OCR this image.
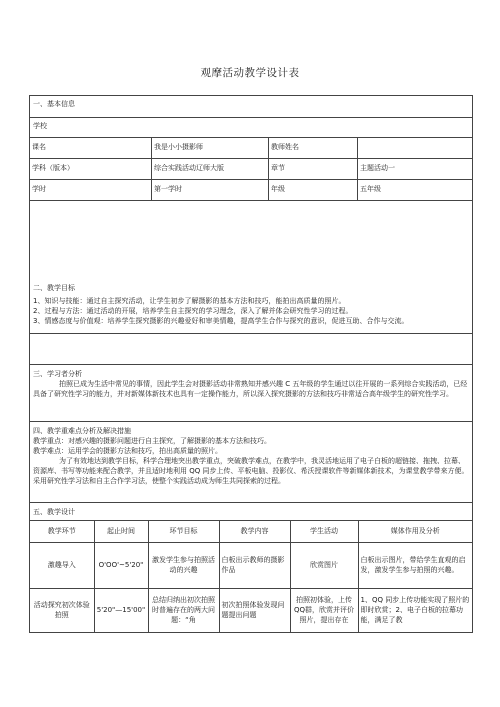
观摩活动教学设计表
一、基本信息
学校
课名	我是小小摄影师	教师姓名
学科（版本）	综合实践活动辽师大版	章节	主题活动一
学时	第一学时	年级	五年级
二、教学目标

1、知识与技能：通过自主探究活动，让学生初步了解摄影的基本方法和技巧，能拍出高质量的照片。

2、过程与方法：通过活动的开展，培养学生自主探究的学习理念，深入了解并体会研究性学习的过程。

3、情感态度与价值观：培养学生探究摄影的兴趣爱好和审美情趣，提高学生合作与探究的意识，促进互助、合作与交流。

三、学习者分析

拍照已成为生活中常见的事情，因此学生会对摄影活动非常熟知并感兴趣 C 五年级的学生通过以往开展的一系列综合实践活动，已经具备了研究性学习的能力，并对新媒体新技术也具有一定操作能力，所以深入探究摄影的方法和技巧非常适合高年级学生的研究性学习。

四、教学重难点分析及解决措施

教学重点：对感兴趣的摄影问题进行自主探究，了解摄影的基本方法和技巧。

教学难点：运用学会的摄影方法和技巧，拍出高质量的照片。

为了有效地达到教学目标，科学合理地突出教学重点，突破教学难点，在教学中，我灵活地运用了电子白板的超链接、拖拽、拉幕、资源库、书写等功能来配合教学，并且适时地利用 QQ 同步上传、平板电脑、投影仪、希沃授课软件等新媒体新技术，为课堂教学带来方便。采用研究性学习法和自主合作学习法，使整个实践活动成为师生共同探索的过程。

五、教学设计
教学环节	起止时间	环节目标	教学内容	学生活动	媒体作用及分析
激趣导入	O'OO'~5'20"	激发学生参与拍照活动的兴趣	白板出示教师的摄影作品	欣赏图片	白板出示图片，带给学生直观的启发，激发学生参与拍照的兴趣。
活动探究初次体验拍照	5'20"—15'00"	总结归纳出初次拍照时普遍存在的两大问题：“角	初次拍照体验发现问题提出问题	拍照初体验，上传QQ群，欣赏并评价照片，提出存在	1、QQ 同步上传功能实现了照片的即时欣赏；2、电子白板的拉幕功能，满足了教
